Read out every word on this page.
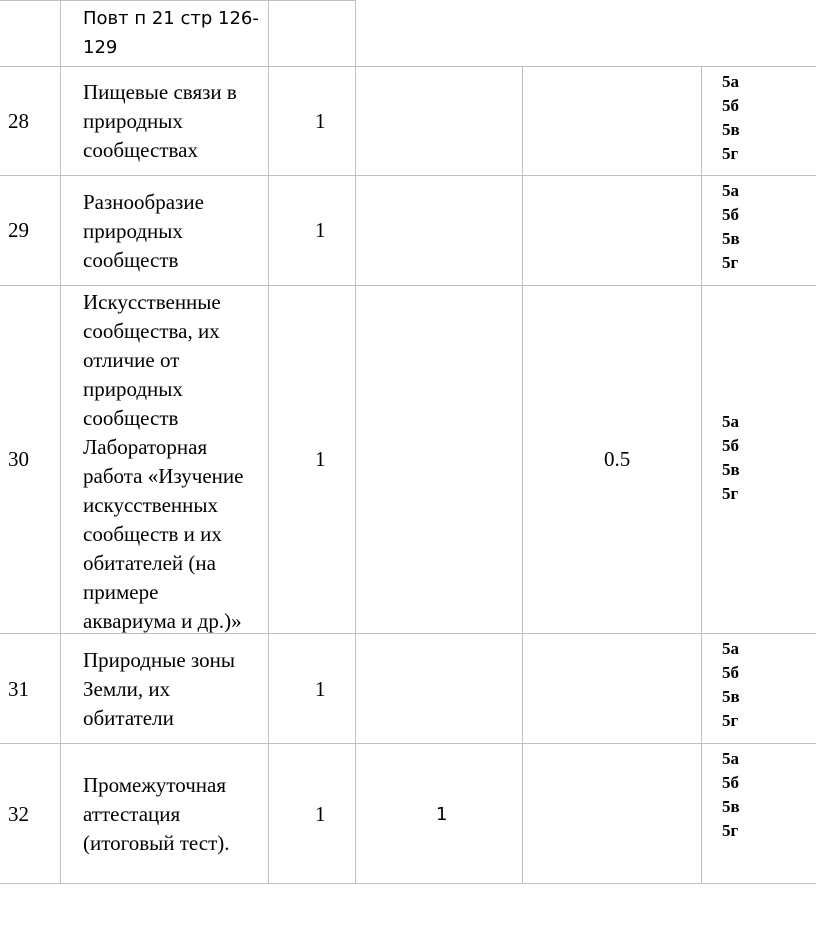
Повт п 21 стр 126-
129
28
Пищевые связи в
природных
сообществах
1
5а
5б
5в
5г
29
Разнообразие
природных
сообществ
1
5а
5б
5в
5г
30
Искусственные
сообщества, их
отличие от
природных
сообществ
Лабораторная
работа «Изучение
искусственных
сообществ и их
обитателей (на
примере
аквариума и др.)»
1	0.5
5а
5б
5в
5г
31
Природные зоны
Земли, их
обитатели
1
5а
5б
5в
5г
32
Промежуточная
аттестация
(итоговый тест).
1	1
5а
5б
5в
5г
